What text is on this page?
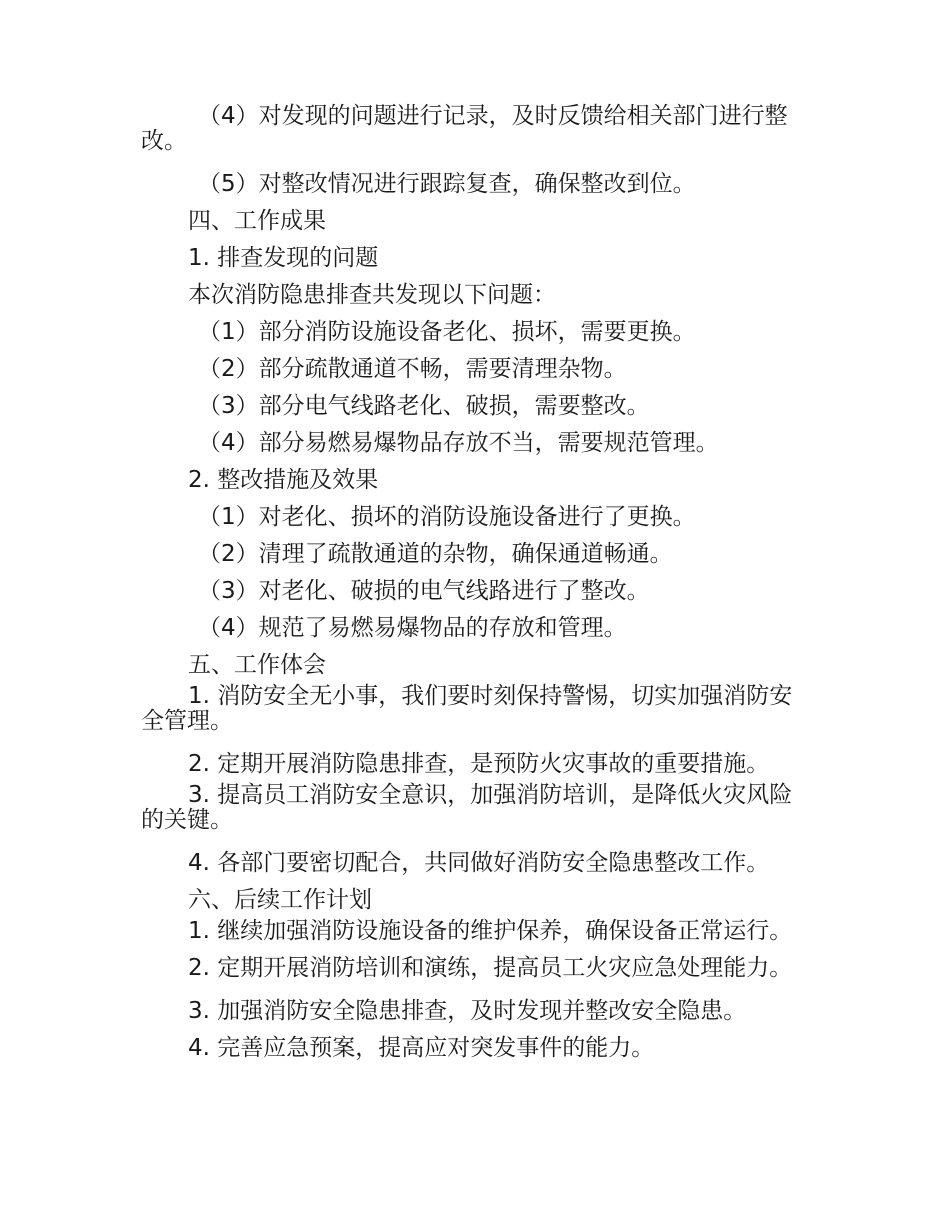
（4）对发现的问题进行记录，及时反馈给相关部门进行整改。

（5）对整改情况进行跟踪复查，确保整改到位。

四、工作成果

1. 排查发现的问题

本次消防隐患排查共发现以下问题：

（1）部分消防设施设备老化、损坏，需要更换。

（2）部分疏散通道不畅，需要清理杂物。

（3）部分电气线路老化、破损，需要整改。

（4）部分易燃易爆物品存放不当，需要规范管理。

2. 整改措施及效果

（1）对老化、损坏的消防设施设备进行了更换。

（2）清理了疏散通道的杂物，确保通道畅通。

（3）对老化、破损的电气线路进行了整改。

（4）规范了易燃易爆物品的存放和管理。

五、工作体会

1. 消防安全无小事，我们要时刻保持警惕，切实加强消防安全管理。

2. 定期开展消防隐患排查，是预防火灾事故的重要措施。

3. 提高员工消防安全意识，加强消防培训，是降低火灾风险的关键。

4. 各部门要密切配合，共同做好消防安全隐患整改工作。

六、后续工作计划

1. 继续加强消防设施设备的维护保养，确保设备正常运行。

2. 定期开展消防培训和演练，提高员工火灾应急处理能力。

3. 加强消防安全隐患排查，及时发现并整改安全隐患。

4. 完善应急预案，提高应对突发事件的能力。
